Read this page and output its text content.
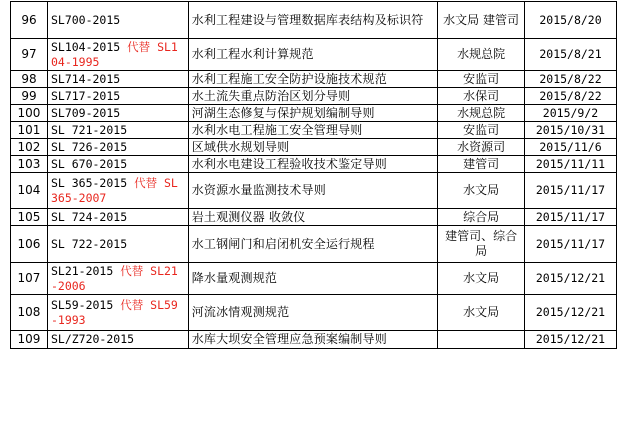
96	SL700-2015	水利工程建设与管理数据库表结构及标识符	水文局 建管司	2015/8/20
97	SL104-2015 代替 SL104-1995	水利工程水利计算规范	水规总院	2015/8/21
98	SL714-2015	水利工程施工安全防护设施技术规范	安监司	2015/8/22
99	SL717-2015	水土流失重点防治区划分导则	水保司	2015/8/22
100	SL709-2015	河湖生态修复与保护规划编制导则	水规总院	2015/9/2
101	SL 721-2015	水利水电工程施工安全管理导则	安监司	2015/10/31
102	SL 726-2015	区域供水规划导则	水资源司	2015/11/6
103	SL 670-2015	水利水电建设工程验收技术鉴定导则	建管司	2015/11/11
104	SL 365-2015 代替 SL 365-2007	水资源水量监测技术导则	水文局	2015/11/17
105	SL 724-2015	岩土观测仪器 收敛仪	综合局	2015/11/17
106	SL 722-2015	水工钢闸门和启闭机安全运行规程	建管司、综合局	2015/11/17
107	SL21-2015 代替 SL21-2006	降水量观测规范	水文局	2015/12/21
108	SL59-2015 代替 SL59-1993	河流冰情观测规范	水文局	2015/12/21
109	SL/Z720-2015	水库大坝安全管理应急预案编制导则		2015/12/21
